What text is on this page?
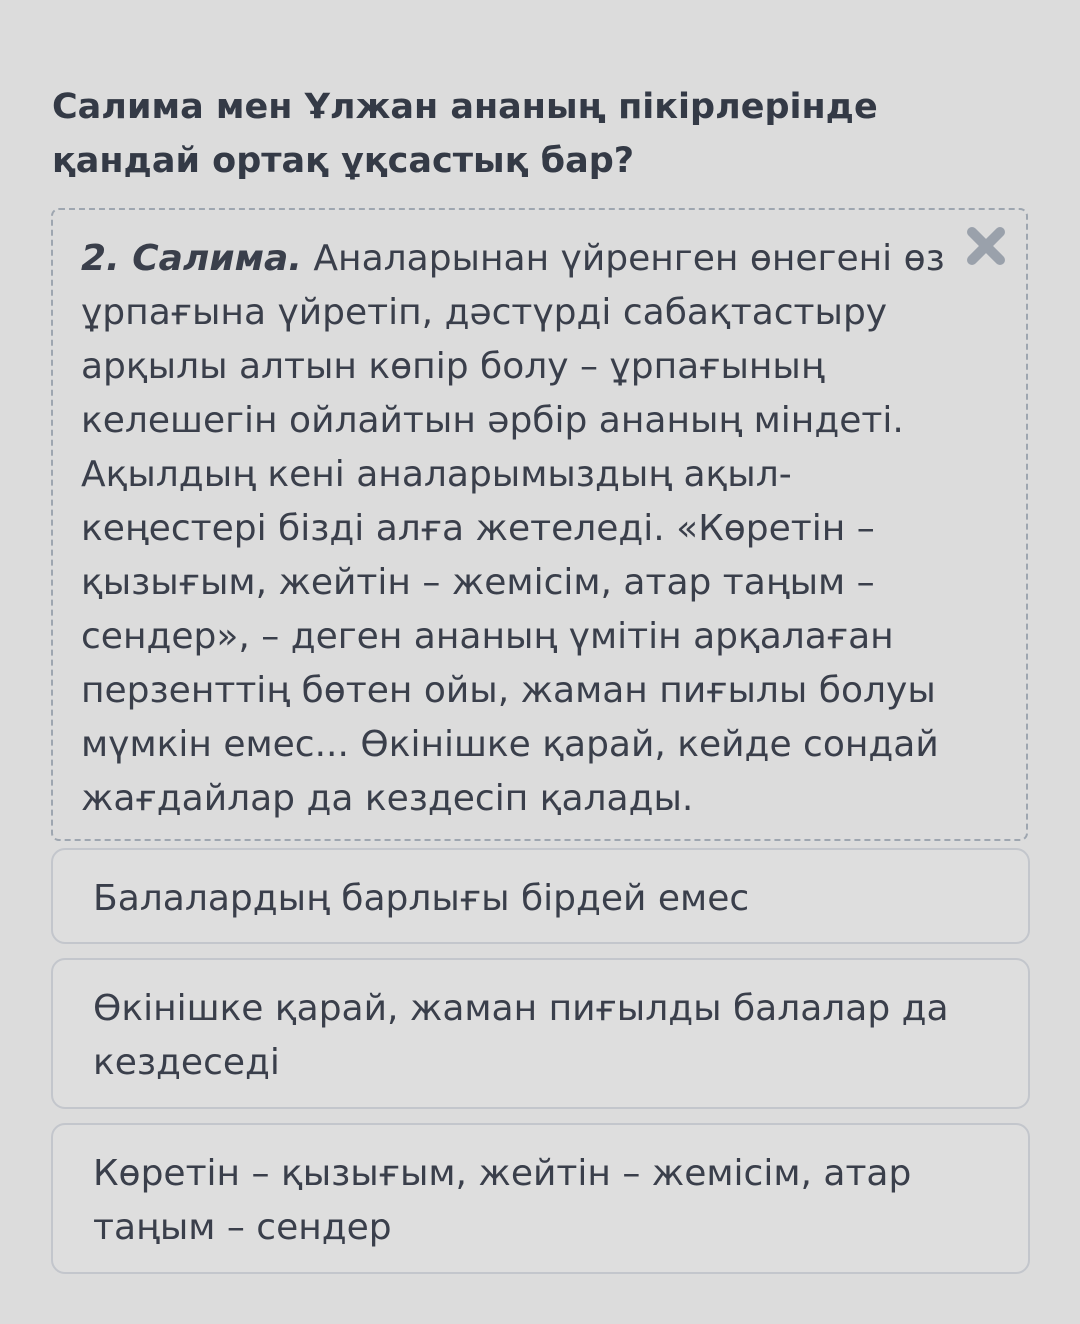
Салима мен Ұлжан ананың пікірлерінде қандай ортақ ұқсастық бар?

2. Салима. Аналарынан үйренген өнегені өз ұрпағына үйретіп, дәстүрді сабақтастыру арқылы алтын көпір болу – ұрпағының келешегін ойлайтын әрбір ананың міндеті. Ақылдың кені аналарымыздың ақыл-кеңестері бізді алға жетеледі. «Көретін – қызығым, жейтін – жемісім, атар таңым – сендер», – деген ананың үмітін арқалаған перзенттің бөтен ойы, жаман пиғылы болуы мүмкін емес... Өкінішке қарай, кейде сондай жағдайлар да кездесіп қалады.

Балалардың барлығы бірдей емес
Өкінішке қарай, жаман пиғылды балалар да кездеседі
Көретін – қызығым, жейтін – жемісім, атар таңым – сендер
